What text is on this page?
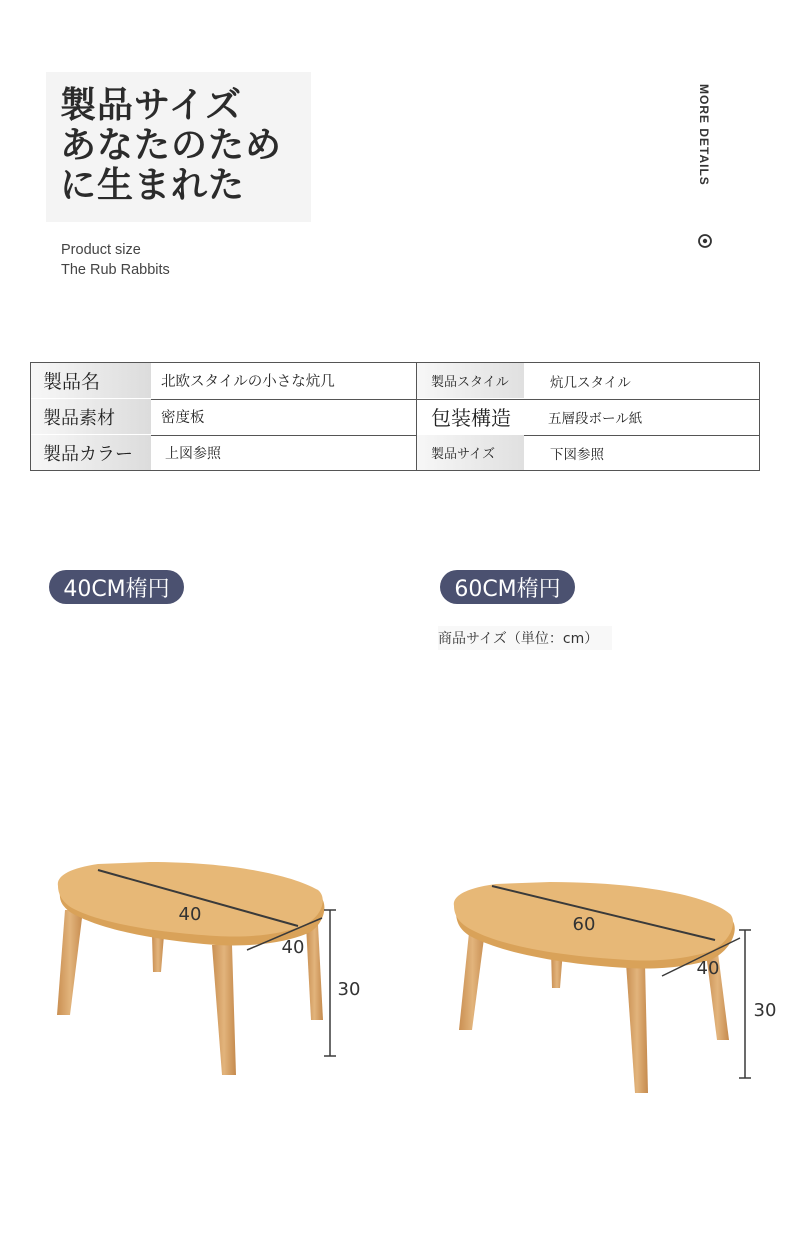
製品サイズ
あなたのため
に生まれた
Product size
The Rub Rabbits
MORE DETAILS
製品名	北欧スタイルの小さな炕几	製品スタイル	炕几スタイル
製品素材	密度板	包装構造	五層段ボール紙
製品カラー	上図参照	製品サイズ	下図参照
40CM楕円	60CM楕円
商品サイズ（単位：cm）
40
40
30
60
40
30
